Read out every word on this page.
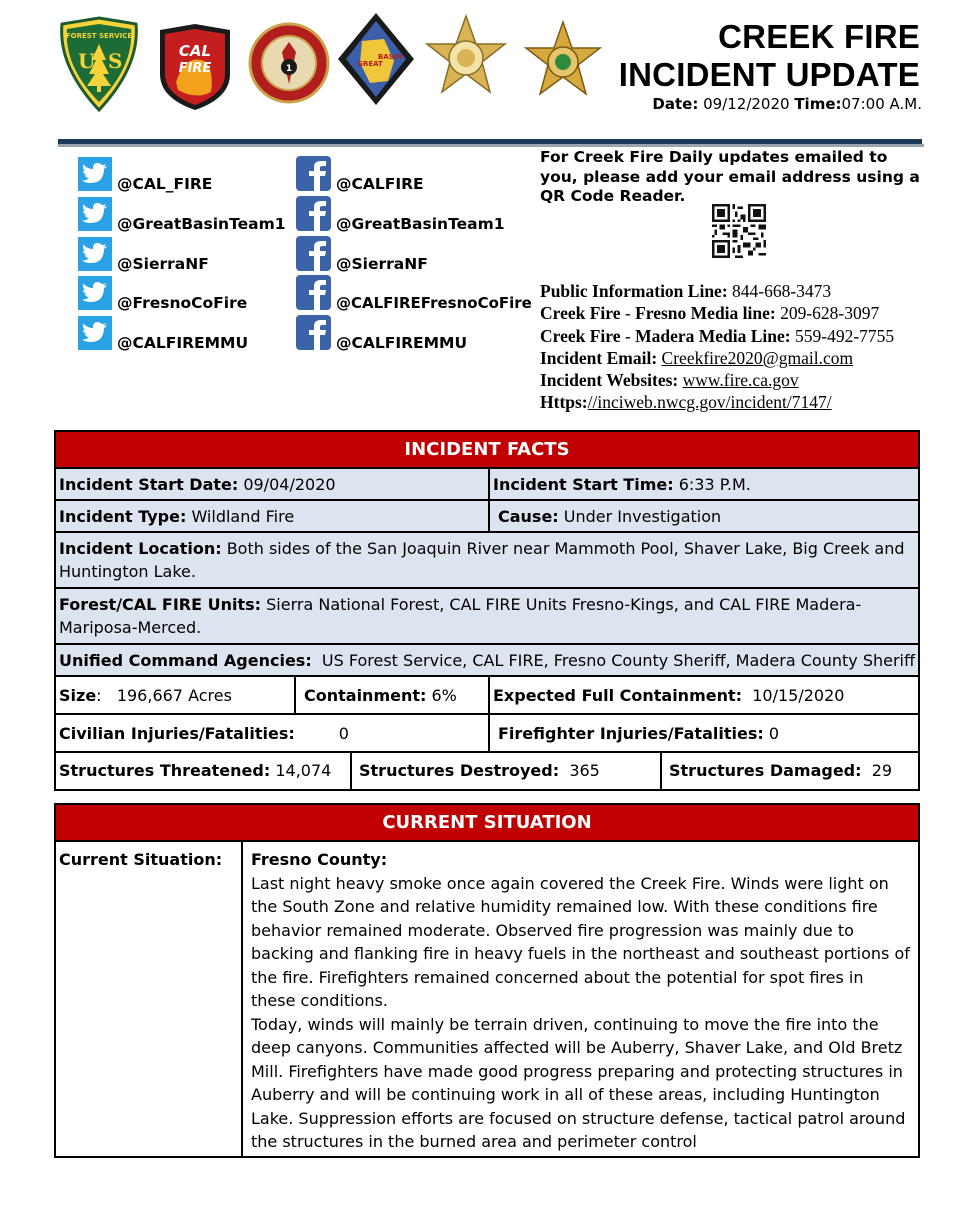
FOREST SERVICE
U S	CAL
FIRE	1	GREAT
BASIN
CREEK FIRE
INCIDENT UPDATE
Date: 09/12/2020 Time:07:00 A.M.
@CAL_FIRE
@GreatBasinTeam1
@SierraNF
@FresnoCoFire
@CALFIREMMU
@CALFIRE
@GreatBasinTeam1
@SierraNF
@CALFIREFresnoCoFire
@CALFIREMMU
For Creek Fire Daily updates emailed to you, please add your email address using a QR Code Reader.
Public Information Line: 844-668-3473
Creek Fire - Fresno Media line: 209-628-3097
Creek Fire - Madera Media Line: 559-492-7755
Incident Email: Creekfire2020@gmail.com
Incident Websites: www.fire.ca.gov
Https://inciweb.nwcg.gov/incident/7147/
INCIDENT FACTS
Incident Start Date: 09/04/2020	Incident Start Time: 6:33 P.M.
Incident Type: Wildland Fire	Cause: Under Investigation
Incident Location: Both sides of the San Joaquin River near Mammoth Pool, Shaver Lake, Big Creek and Huntington Lake.
Forest/CAL FIRE Units: Sierra National Forest, CAL FIRE Units Fresno-Kings, and CAL FIRE Madera-Mariposa-Merced.
Unified Command Agencies:  US Forest Service, CAL FIRE, Fresno County Sheriff, Madera County Sheriff
Size:   196,667 Acres	Containment: 6%	Expected Full Containment:  10/15/2020
Civilian Injuries/Fatalities:	0	Firefighter Injuries/Fatalities: 0
Structures Threatened: 14,074	Structures Destroyed:  365	Structures Damaged:  29
CURRENT SITUATION
Current Situation:	Fresno County:
Last night heavy smoke once again covered the Creek Fire. Winds were light on the South Zone and relative humidity remained low. With these conditions fire behavior remained moderate. Observed fire progression was mainly due to backing and flanking fire in heavy fuels in the northeast and southeast portions of the fire. Firefighters remained concerned about the potential for spot fires in these conditions.
Today, winds will mainly be terrain driven, continuing to move the fire into the deep canyons. Communities affected will be Auberry, Shaver Lake, and Old Bretz Mill. Firefighters have made good progress preparing and protecting structures in Auberry and will be continuing work in all of these areas, including Huntington Lake. Suppression efforts are focused on structure defense, tactical patrol around the structures in the burned area and perimeter control
